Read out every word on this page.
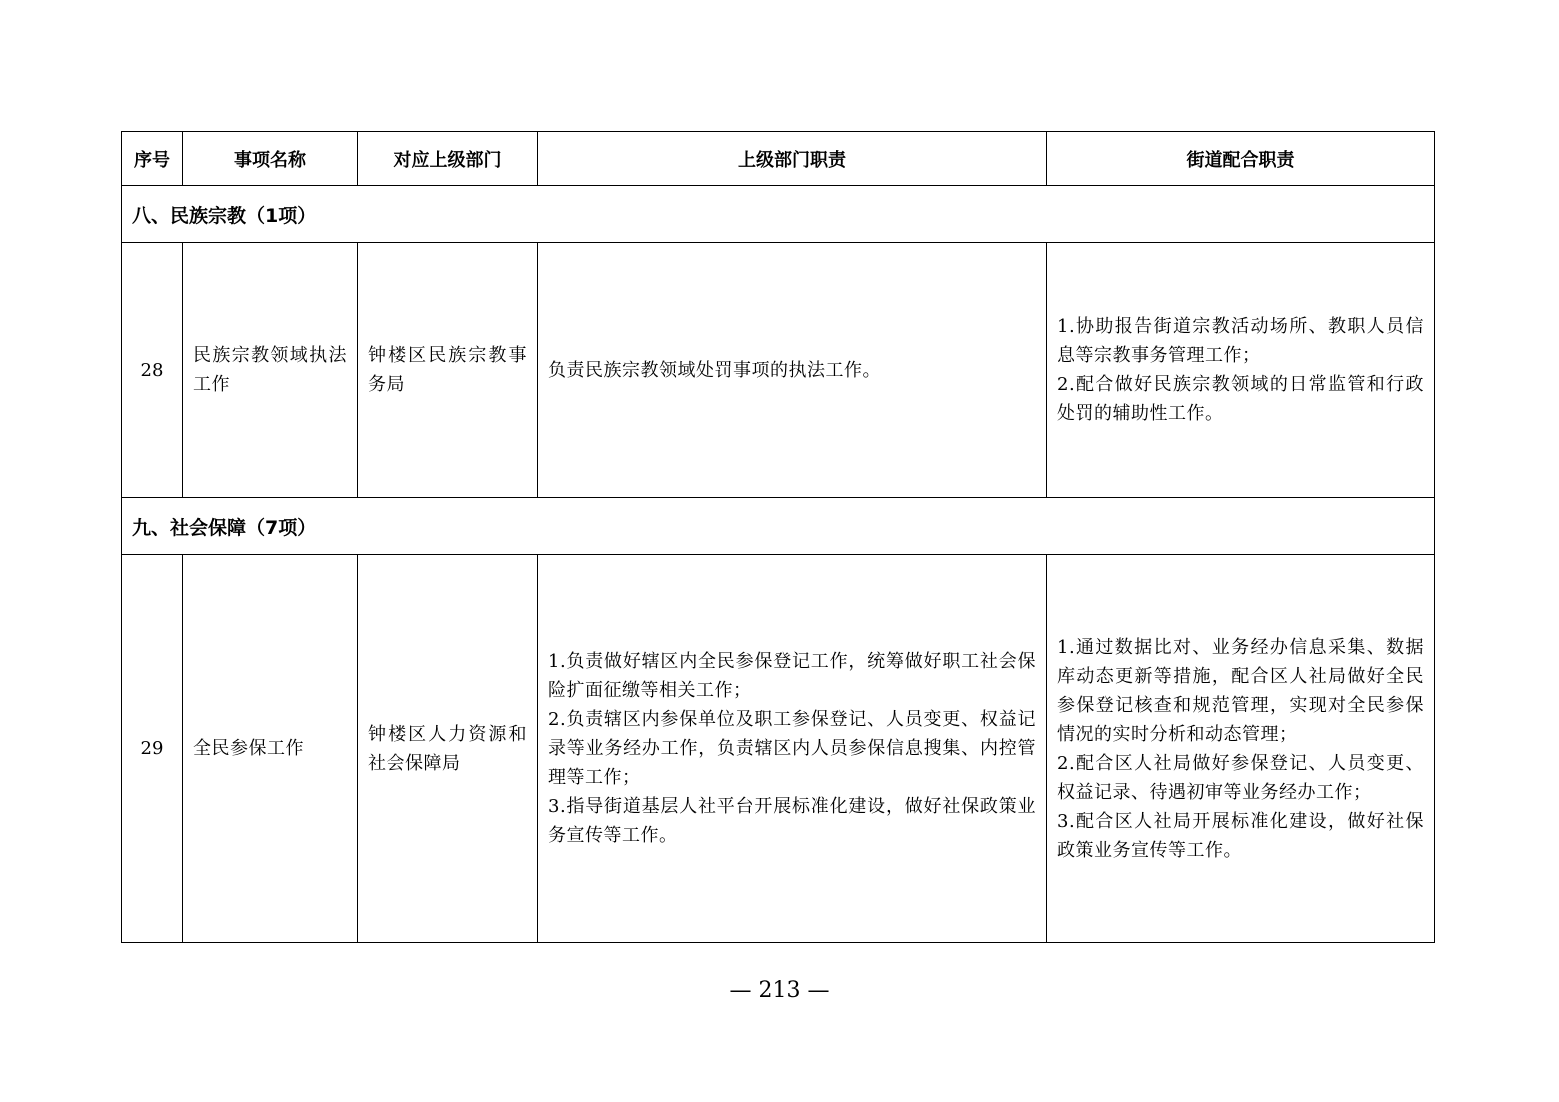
序号	事项名称	对应上级部门	上级部门职责	街道配合职责
八、民族宗教（1项）				
28	民族宗教领域执法工作	钟楼区民族宗教事务局	负责民族宗教领域处罚事项的执法工作。	1.协助报告街道宗教活动场所、教职人员信息等宗教事务管理工作；
2.配合做好民族宗教领域的日常监管和行政处罚的辅助性工作。
九、社会保障（7项）				
29	全民参保工作	钟楼区人力资源和社会保障局	1.负责做好辖区内全民参保登记工作，统筹做好职工社会保险扩面征缴等相关工作；
2.负责辖区内参保单位及职工参保登记、人员变更、权益记录等业务经办工作，负责辖区内人员参保信息搜集、内控管理等工作；
3.指导街道基层人社平台开展标准化建设，做好社保政策业务宣传等工作。	1.通过数据比对、业务经办信息采集、数据库动态更新等措施，配合区人社局做好全民参保登记核查和规范管理，实现对全民参保情况的实时分析和动态管理；
2.配合区人社局做好参保登记、人员变更、权益记录、待遇初审等业务经办工作；
3.配合区人社局开展标准化建设，做好社保政策业务宣传等工作。
— 213 —
